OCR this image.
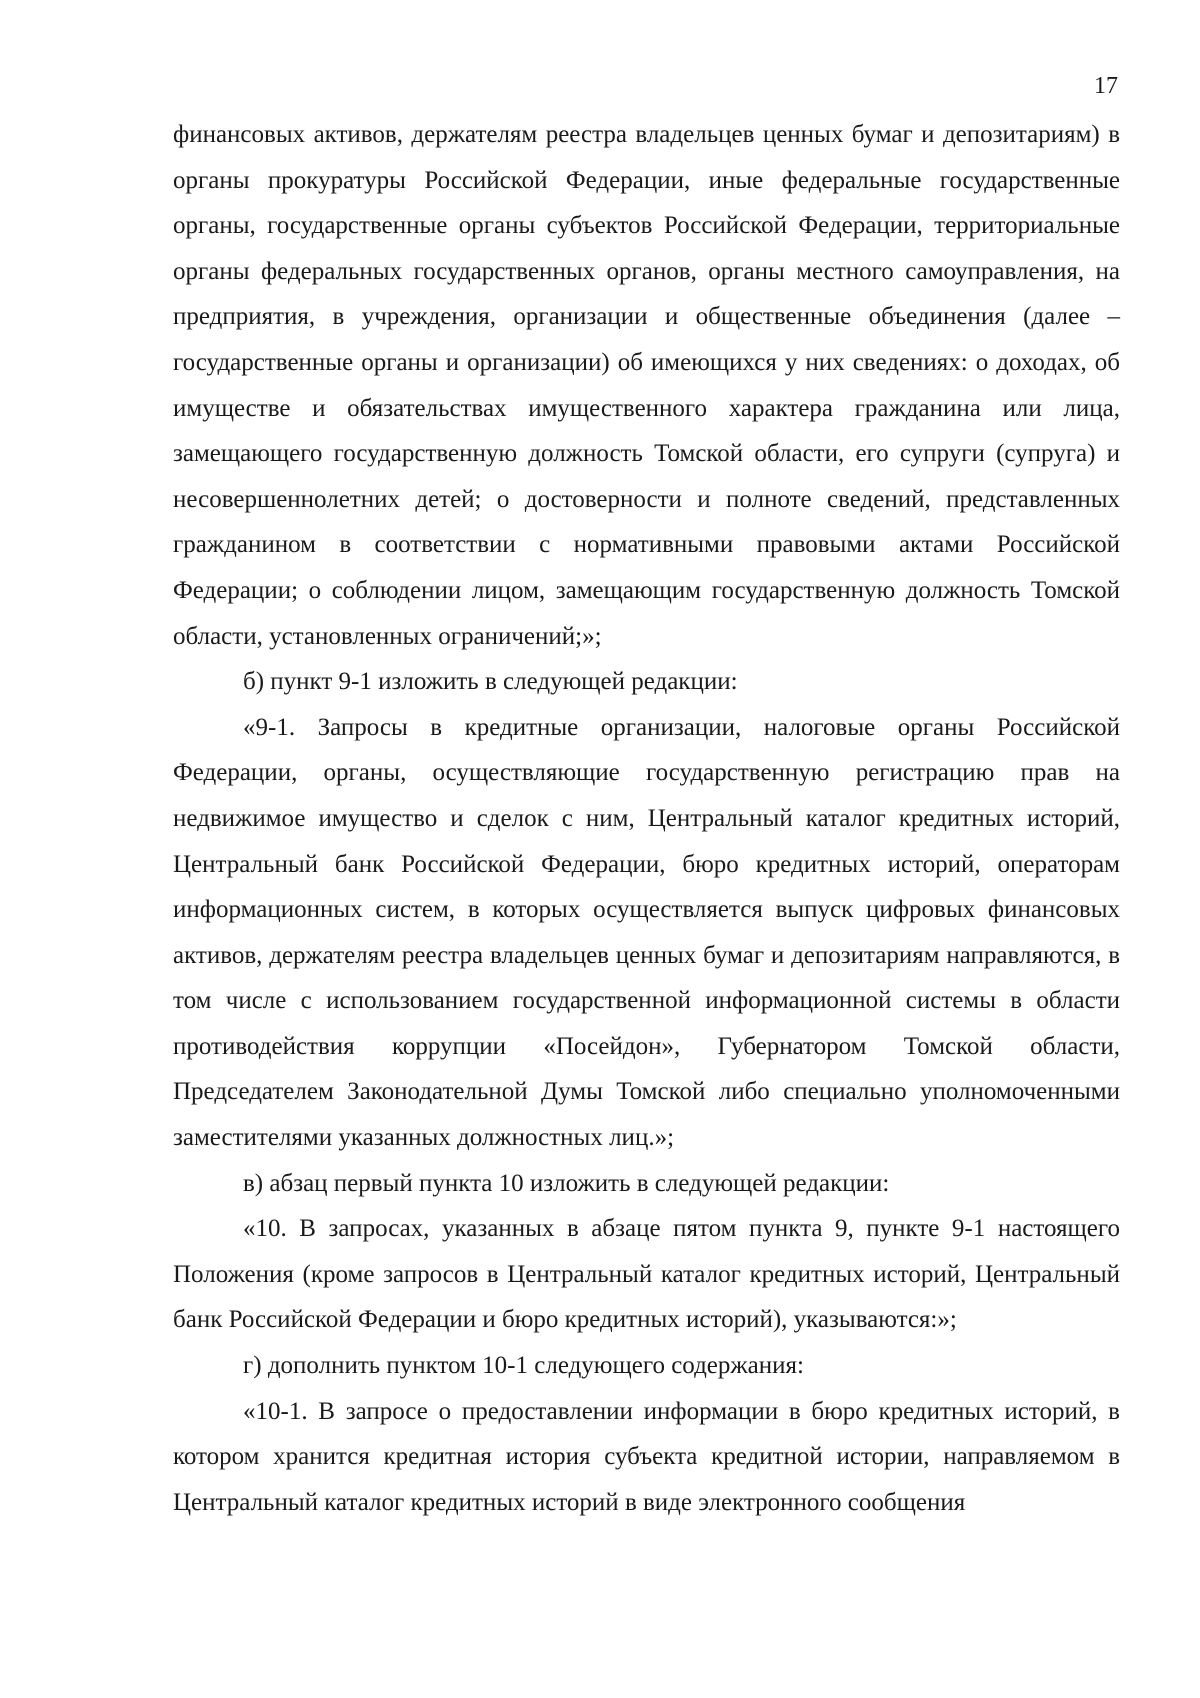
17

финансовых активов, держателям реестра владельцев ценных бумаг и депозитариям) в органы прокуратуры Российской Федерации, иные федеральные государственные органы, государственные органы субъектов Российской Федерации, территориальные органы федеральных государственных органов, органы местного самоуправления, на предприятия, в учреждения, организации и общественные объединения (далее – государственные органы и организации) об имеющихся у них сведениях: о доходах, об имуществе и обязательствах имущественного характера гражданина или лица, замещающего государственную должность Томской области, его супруги (супруга) и несовершеннолетних детей; о достоверности и полноте сведений, представленных гражданином в соответствии с нормативными правовыми актами Российской Федерации; о соблюдении лицом, замещающим государственную должность Томской области, установленных ограничений;»;

б) пункт 9-1 изложить в следующей редакции:

«9-1. Запросы в кредитные организации, налоговые органы Российской Федерации, органы, осуществляющие государственную регистрацию прав на недвижимое имущество и сделок с ним, Центральный каталог кредитных историй, Центральный банк Российской Федерации, бюро кредитных историй, операторам информационных систем, в которых осуществляется выпуск цифровых финансовых активов, держателям реестра владельцев ценных бумаг и депозитариям направляются, в том числе с использованием государственной информационной системы в области противодействия коррупции «Посейдон», Губернатором Томской области, Председателем Законодательной Думы Томской либо специально уполномоченными заместителями указанных должностных лиц.»;

в) абзац первый пункта 10 изложить в следующей редакции:

«10. В запросах, указанных в абзаце пятом пункта 9, пункте 9-1 настоящего Положения (кроме запросов в Центральный каталог кредитных историй, Центральный банк Российской Федерации и бюро кредитных историй), указываются:»;

г) дополнить пунктом 10-1 следующего содержания:

«10-1. В запросе о предоставлении информации в бюро кредитных историй, в котором хранится кредитная история субъекта кредитной истории, направляемом в Центральный каталог кредитных историй в виде электронного сообщения
